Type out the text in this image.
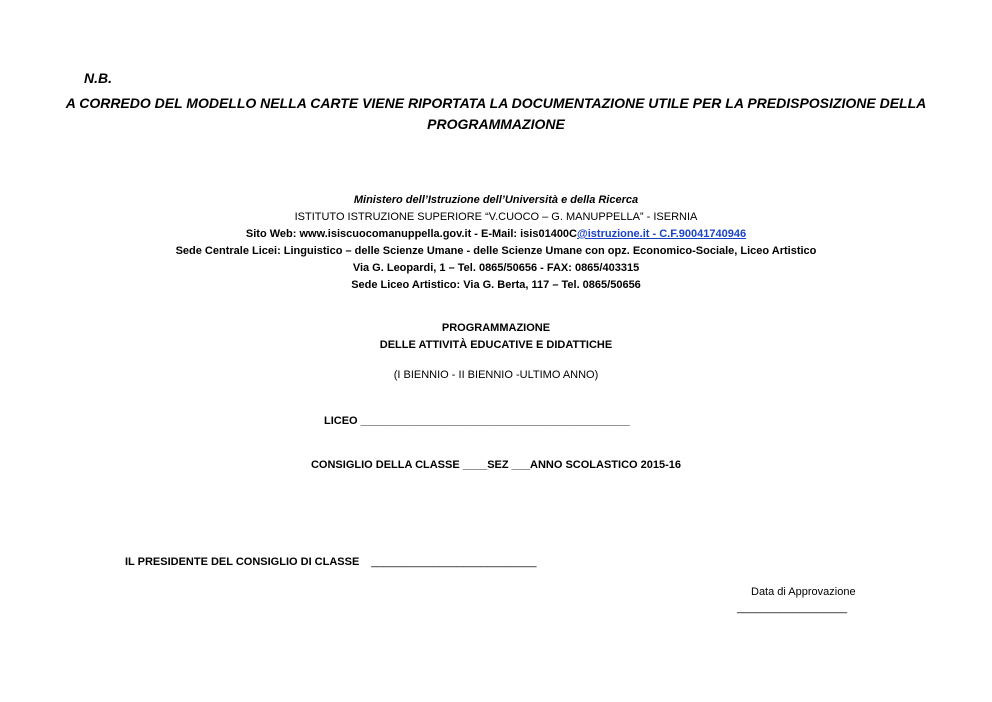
N.B.

A CORREDO DEL MODELLO NELLA CARTE VIENE RIPORTATA LA DOCUMENTAZIONE UTILE PER LA PREDISPOSIZIONE DELLA
PROGRAMMAZIONE

Ministero dell’Istruzione dell’Università e della Ricerca
ISTITUTO ISTRUZIONE SUPERIORE “V.CUOCO – G. MANUPPELLA” - ISERNIA
Sito Web: www.isiscuocomanuppella.gov.it - E-Mail: isis01400C@istruzione.it - C.F.90041740946
Sede Centrale Licei: Linguistico – delle Scienze Umane - delle Scienze Umane con opz. Economico-Sociale, Liceo Artistico
Via G. Leopardi, 1 – Tel. 0865/50656 - FAX: 0865/403315
Sede Liceo Artistico: Via G. Berta, 117 – Tel. 0865/50656
PROGRAMMAZIONE
DELLE ATTIVITÀ EDUCATIVE E DIDATTICHE
(I BIENNIO - II BIENNIO -ULTIMO ANNO)
LICEO ____________________________________________
CONSIGLIO DELLA CLASSE ____SEZ ___ANNO SCOLASTICO 2015-16
IL PRESIDENTE DEL CONSIGLIO DI CLASSE ___________________________
Data di Approvazione
__________________
